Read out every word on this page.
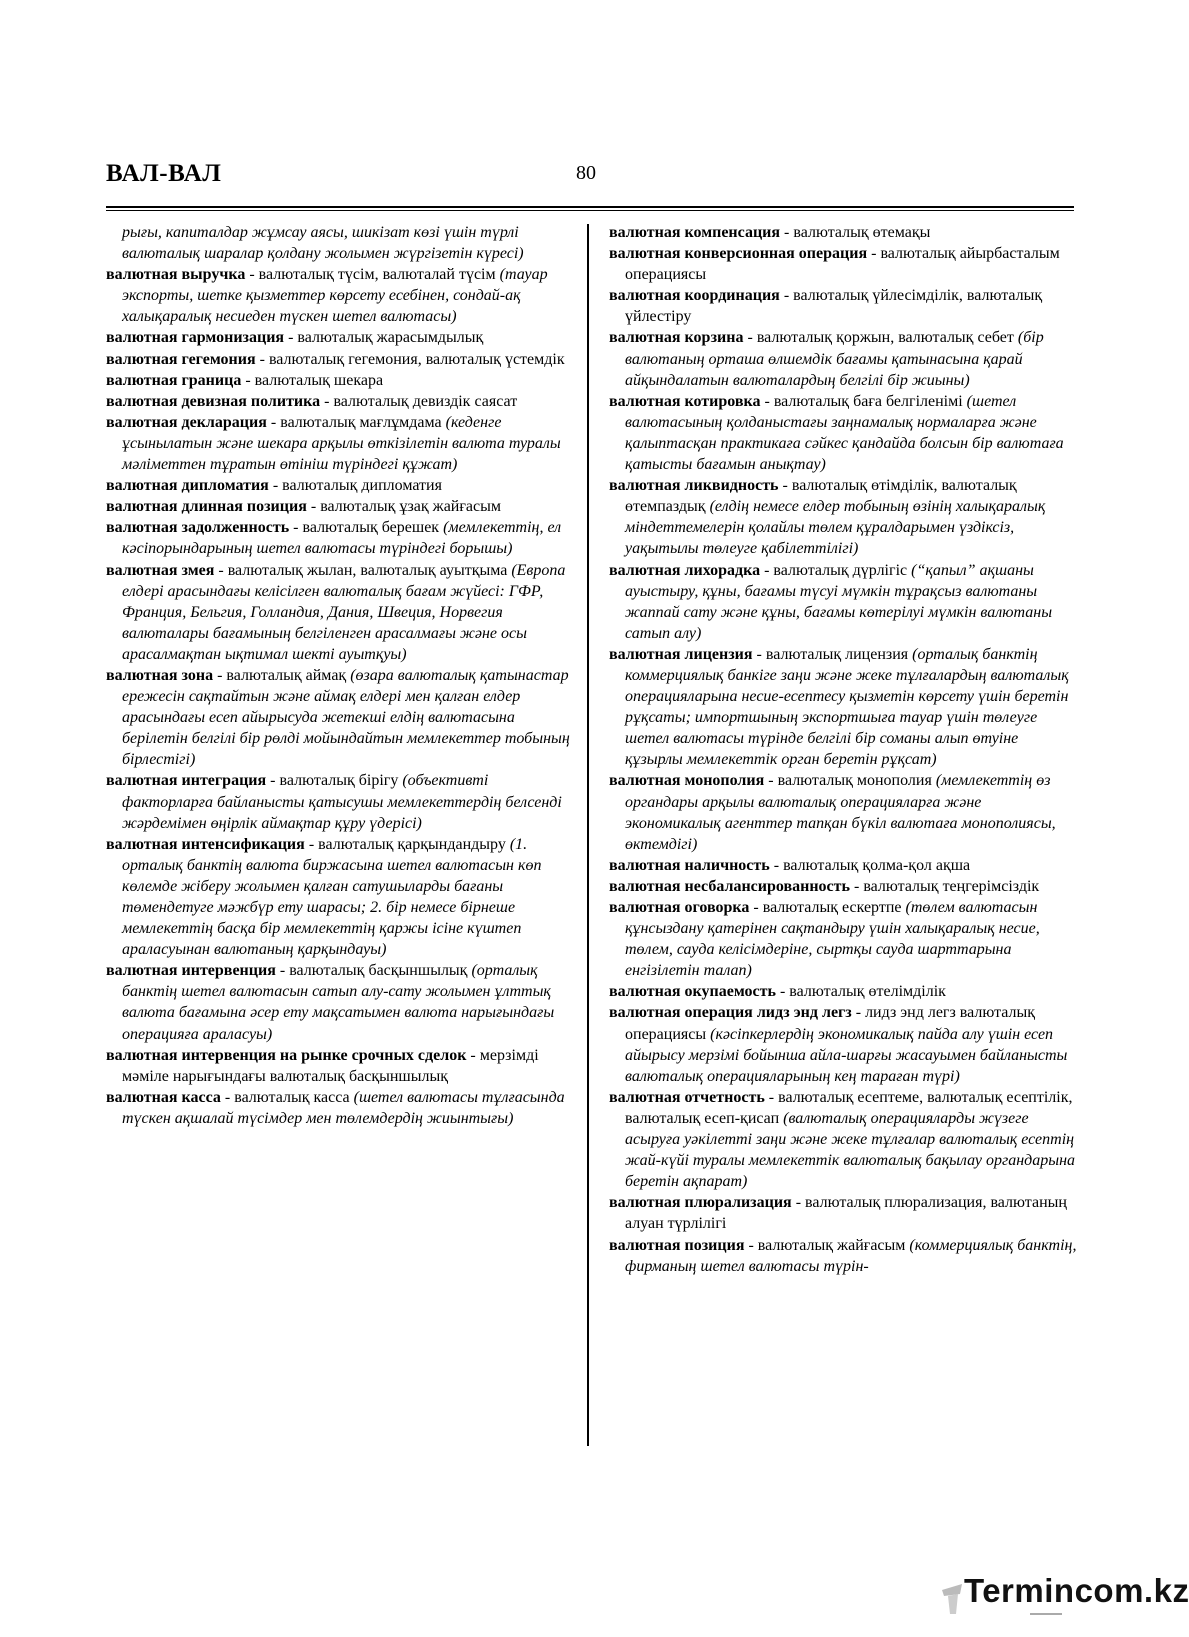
ВАЛ-ВАЛ	80

рығы, капиталдар жұмсау аясы, шикізат көзі үшін түрлі валюталық шаралар қолдану жолымен жүргізетін күресі)

валютная выручка - валюталық түсім, валюталай түсім (тауар экспорты, шетке қызметтер көрсету есебінен, сондай-ақ халықаралық несиеден түскен шетел валютасы)

валютная гармонизация - валюталық жарасымдылық

валютная гегемония - валюталық гегемония, валюталық үстемдік

валютная граница - валюталық шекара

валютная девизная политика - валюталық девиздік саясат

валютная декларация - валюталық мағлұмдама (кеденге ұсынылатын және шекара арқылы өткізілетін валюта туралы мәліметтен тұратын өтініш түріндегі құжат)

валютная дипломатия - валюталық дипломатия

валютная длинная позиция - валюталық ұзақ жайғасым

валютная задолженность - валюталық берешек (мемлекеттің, ел кәсіпорындарының шетел валютасы түріндегі борышы)

валютная змея - валюталық жылан, валюталық ауытқыма (Европа елдері арасындағы келісілген валюталық бағам жүйесі: ГФР, Франция, Бельгия, Голландия, Дания, Швеция, Норвегия валюталары бағамының белгіленген арасалмағы және осы арасалмақтан ықтимал шекті ауытқуы)

валютная зона - валюталық аймақ (өзара валюталық қатынастар ережесін сақтайтын және аймақ елдері мен қалған елдер арасындағы есеп айырысуда жетекші елдің валютасына берілетін белгілі бір рөлді мойындайтын мемлекеттер тобының бірлестігі)

валютная интеграция - валюталық бірігу (объективті факторларға байланысты қатысушы мемлекеттердің белсенді жәрдемімен өңірлік аймақтар құру үдерісі)

валютная интенсификация - валюталық қарқындандыру (1. орталық банктің валюта биржасына шетел валютасын көп көлемде жіберу жолымен қалған сатушыларды бағаны төмендетуге мәжбүр ету шарасы; 2. бір немесе бірнеше мемлекеттің басқа бір мемлекеттің қаржы ісіне күштеп араласуынан валютаның қарқындауы)

валютная интервенция - валюталық басқыншылық (орталық банктің шетел валютасын сатып алу-сату жолымен ұлттық валюта бағамына әсер ету мақсатымен валюта нарығындағы операцияға араласуы)

валютная интервенция на рынке срочных сделок - мерзімді мәміле нарығындағы валюталық басқыншылық

валютная касса - валюталық касса (шетел валютасы тұлғасында түскен ақшалай түсімдер мен төлемдердің жиынтығы)

валютная компенсация - валюталық өтемақы

валютная конверсионная операция - валюталық айырбасталым операциясы

валютная координация - валюталық үйлесімділік, валюталық үйлестіру

валютная корзина - валюталық қоржын, валюталық себет (бір валютаның орташа өлшемдік бағамы қатынасына қарай айқындалатын валюталардың белгілі бір жиыны)

валютная котировка - валюталық баға белгіленімі (шетел валютасының қолданыстағы заңнамалық нормаларға және қалыптасқан практикаға сәйкес қандайда болсын бір валютаға қатысты бағамын анықтау)

валютная ликвидность - валюталық өтімділік, валюталық өтемпаздық (елдің немесе елдер тобының өзінің халықаралық міндеттемелерін қолайлы төлем құралдарымен үздіксіз, уақытылы төлеуге қабілеттілігі)

валютная лихорадка - валюталық дүрлігіс (“қапыл” ақшаны ауыстыру, құны, бағамы түсуі мүмкін тұрақсыз валютаны жаппай сату және құны, бағамы көтерілуі мүмкін валютаны сатып алу)

валютная лицензия - валюталық лицензия (орталық банктің коммерциялық банкіге заңи және жеке тұлғалардың валюталық операцияларына несие-есептесу қызметін көрсету үшін беретін рұқсаты; импортшының экспортшыға тауар үшін төлеуге шетел валютасы түрінде белгілі бір соманы алып өтуіне құзырлы мемлекеттік орган беретін рұқсат)

валютная монополия - валюталық монополия (мемлекеттің өз органдары арқылы валюталық операцияларға және экономикалық агенттер тапқан бүкіл валютаға монополиясы, өктемдігі)

валютная наличность - валюталық қолма-қол ақша

валютная несбалансированность - валюталық теңгерімсіздік

валютная оговорка - валюталық ескертпе (төлем валютасын құнсыздану қатерінен сақтандыру үшін халықаралық несие, төлем, сауда келісімдеріне, сыртқы сауда шарттарына енгізілетін талап)

валютная окупаемость - валюталық өтелімділік

валютная операция лидз энд легз - лидз энд легз валюталық операциясы (кәсіпкерлердің экономикалық пайда алу үшін есеп айырысу мерзімі бойынша айла-шарғы жасауымен байланысты валюталық операцияларының кең тараған түрі)

валютная отчетность - валюталық есептеме, валюталық есептілік, валюталық есеп-қисап (валюталық операцияларды жүзеге асыруға уәкілетті заңи және жеке тұлғалар валюталық есептің жай-күйі туралы мемлекеттік валюталық бақылау органдарына беретін ақпарат)

валютная плюрализация - валюталық плюрализация, валютаның алуан түрлілігі

валютная позиция - валюталық жайғасым (коммерциялық банктің, фирманың шетел валютасы түрін-

Termincom.kz
